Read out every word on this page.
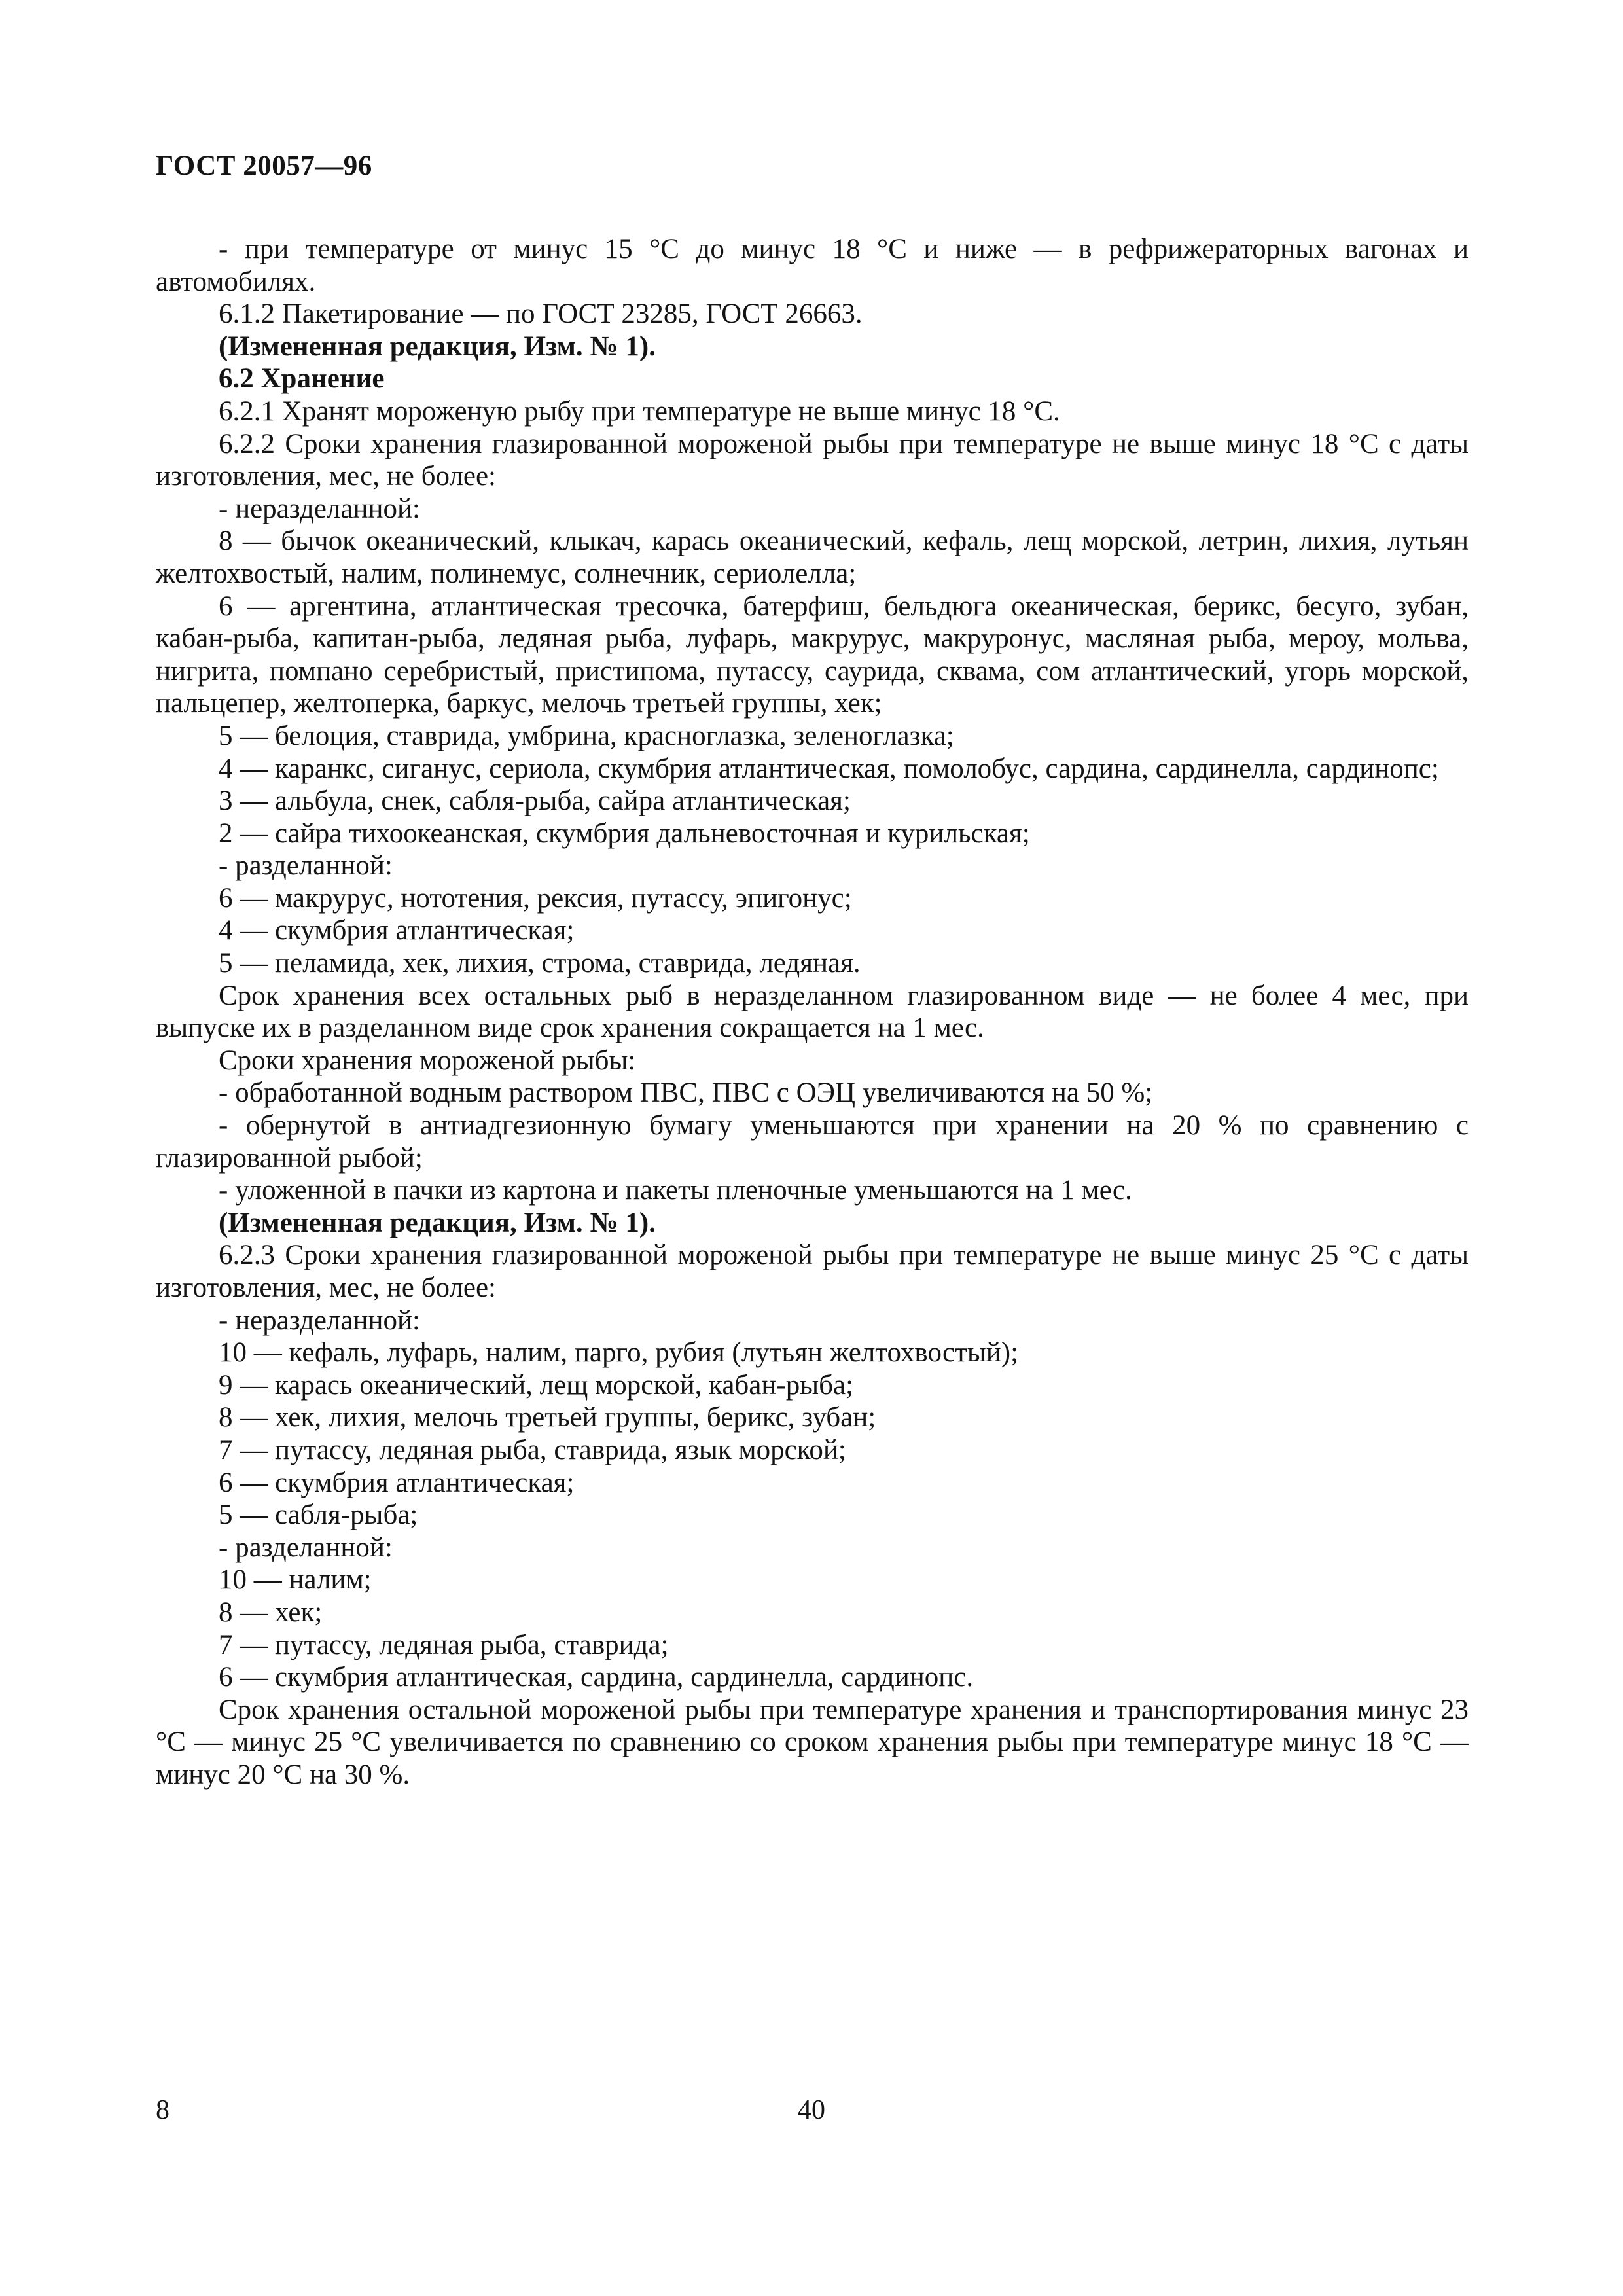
ГОСТ 20057—96

- при температуре от минус 15 °С до минус 18 °С и ниже — в рефрижераторных вагонах и автомобилях.

6.1.2 Пакетирование — по ГОСТ 23285, ГОСТ 26663.

(Измененная редакция, Изм. № 1).

6.2 Хранение

6.2.1 Хранят мороженую рыбу при температуре не выше минус 18 °С.

6.2.2 Сроки хранения глазированной мороженой рыбы при температуре не выше минус 18 °С с даты изготовления, мес, не более:

- неразделанной:

8 — бычок океанический, клыкач, карась океанический, кефаль, лещ морской, летрин, лихия, лутьян желтохвостый, налим, полинемус, солнечник, сериолелла;

6 — аргентина, атлантическая тресочка, батерфиш, бельдюга океаническая, берикс, бесуго, зубан, кабан-рыба, капитан-рыба, ледяная рыба, луфарь, макрурус, макруронус, масляная рыба, мероу, мольва, нигрита, помпано серебристый, пристипома, путассу, саурида, сквама, сом атлантический, угорь морской, пальцепер, желтоперка, баркус, мелочь третьей группы, хек;

5 — белоция, ставрида, умбрина, красноглазка, зеленоглазка;

4 — каранкс, сиганус, сериола, скумбрия атлантическая, помолобус, сардина, сардинелла, сардинопс;

3 — альбула, снек, сабля-рыба, сайра атлантическая;

2 — сайра тихоокеанская, скумбрия дальневосточная и курильская;

- разделанной:

6 — макрурус, нототения, рексия, путассу, эпигонус;

4 — скумбрия атлантическая;

5 — пеламида, хек, лихия, строма, ставрида, ледяная.

Срок хранения всех остальных рыб в неразделанном глазированном виде — не более 4 мес, при выпуске их в разделанном виде срок хранения сокращается на 1 мес.

Сроки хранения мороженой рыбы:

- обработанной водным раствором ПВС, ПВС с ОЭЦ увеличиваются на 50 %;

- обернутой в антиадгезионную бумагу уменьшаются при хранении на 20 % по сравнению с глазированной рыбой;

- уложенной в пачки из картона и пакеты пленочные уменьшаются на 1 мес.

(Измененная редакция, Изм. № 1).

6.2.3 Сроки хранения глазированной мороженой рыбы при температуре не выше минус 25 °С с даты изготовления, мес, не более:

- неразделанной:

10 — кефаль, луфарь, налим, парго, рубия (лутьян желтохвостый);

9 — карась океанический, лещ морской, кабан-рыба;

8 — хек, лихия, мелочь третьей группы, берикс, зубан;

7 — путассу, ледяная рыба, ставрида, язык морской;

6 — скумбрия атлантическая;

5 — сабля-рыба;

- разделанной:

10 — налим;

8 — хек;

7 — путассу, ледяная рыба, ставрида;

6 — скумбрия атлантическая, сардина, сардинелла, сардинопс.

Срок хранения остальной мороженой рыбы при температуре хранения и транспортирования минус 23 °С — минус 25 °С увеличивается по сравнению со сроком хранения рыбы при температуре минус 18 °С — минус 20 °С на 30 %.

8	40
